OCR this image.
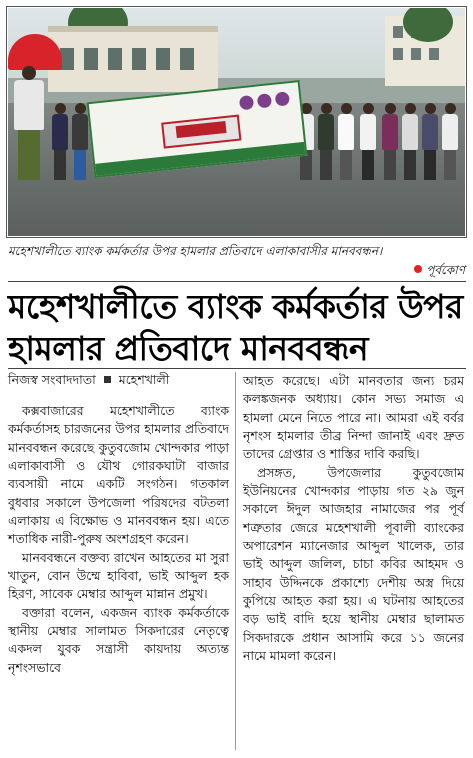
মহেশখালীতে ব্যাংক কর্মকর্তার উপর হামলার প্রতিবাদে এলাকাবাসীর মানববন্ধন।
পূর্বকোণ
মহেশখালীতে ব্যাংক কর্মকর্তার উপর
হামলার প্রতিবাদে মানববন্ধন
নিজস্ব সংবাদদাতা মহেশখালী

কক্সবাজারের মহেশখালীতে ব্যাংক কর্মকর্তাসহ চারজনের উপর হামলার প্রতিবাদে মানববন্ধন করেছে কুতুবজোম খোন্দকার পাড়া এলাকাবাসী ও যৌথ গোরকঘাটা বাজার ব্যবসায়ী নামে একটি সংগঠন। গতকাল বুধবার সকালে উপজেলা পরিষদের বটতলা এলাকায় এ বিক্ষোভ ও মানববন্ধন হয়। এতে শতাধিক নারী-পুরুষ অংশগ্রহণ করেন।

মানববন্ধনে বক্তব্য রাখেন আহতের মা সুরা খাতুন, বোন উম্মে হাবিবা, ভাই আব্দুল হক হিরণ, সাবেক মেম্বার আব্দুল মান্নান প্রমুখ।

বক্তারা বলেন, একজন ব্যাংক কর্মকর্তাকে স্থানীয় মেম্বার সালামত সিকদারের নেতৃত্বে একদল যুবক সন্ত্রাসী কায়দায় অত্যন্ত নৃশংসভাবে

আহত করেছে। এটা মানবতার জন্য চরম কলঙ্কজনক অধ্যায়। কোন সভ্য সমাজ এ হামলা মেনে নিতে পারে না। আমরা এই বর্বর নৃশংস হামলার তীব্র নিন্দা জানাই এবং দ্রুত তাদের গ্রেপ্তার ও শাস্তির দাবি করছি।

প্রসঙ্গত, উপজেলার কুতুবজোম ইউনিয়নের খোন্দকার পাড়ায় গত ২৯ জুন সকালে ঈদুল আজহার নামাজের পর পূর্ব শত্রুতার জেরে মহেশখালী পূবালী ব্যাংকের অপারেশন ম্যানেজার আব্দুল খালেক, তার ভাই আব্দুল জলিল, চাচা কবির আহমদ ও সাহাব উদ্দিনকে প্রকাশ্যে দেশীয় অস্ত্র দিয়ে কুপিয়ে আহত করা হয়। এ ঘটনায় আহতের বড় ভাই বাদি হয়ে স্থানীয় মেম্বার ছালামত সিকদারকে প্রধান আসামি করে ১১ জনের নামে মামলা করেন।
